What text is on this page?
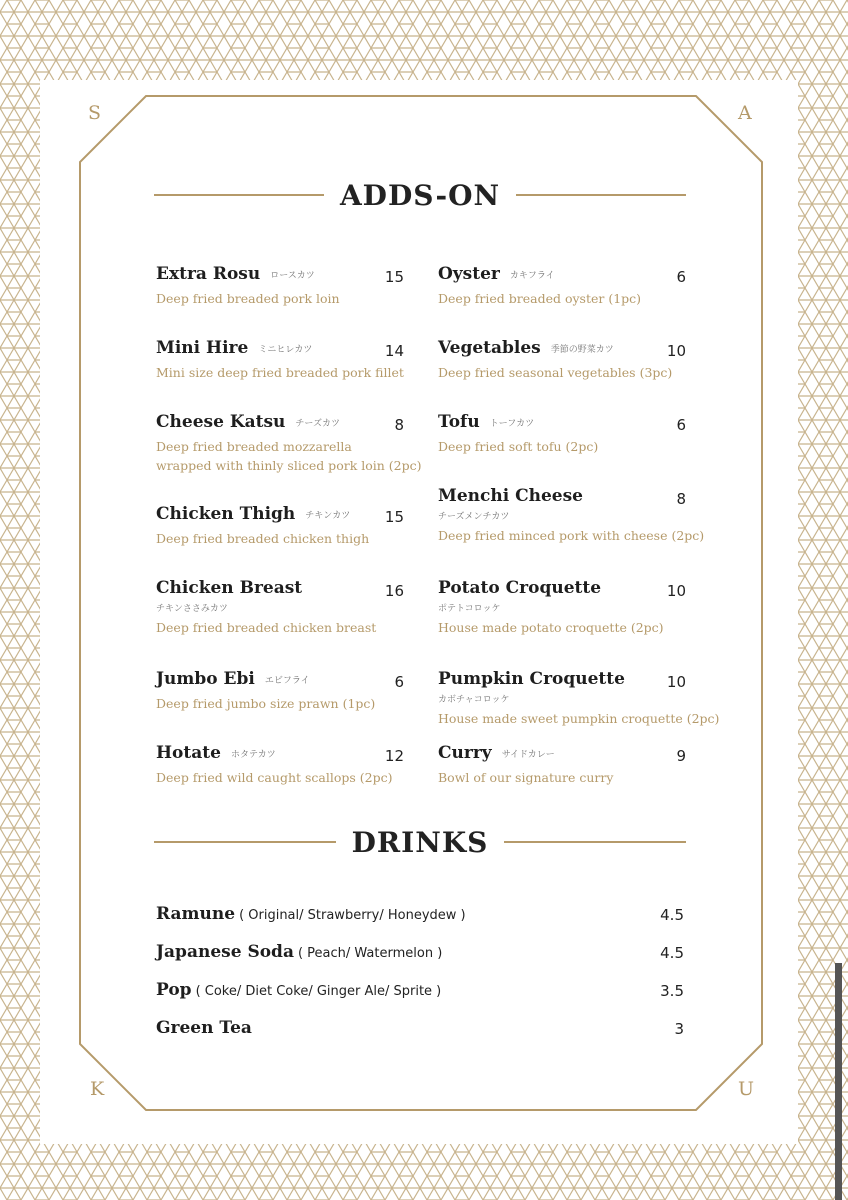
S	A
K	U
ADDS-ON
Extra Rosu ロースカツ	15
Deep fried breaded pork loin
Mini Hire ミニヒレカツ	14
Mini size deep fried breaded pork fillet
Cheese Katsu チーズカツ	8
Deep fried breaded mozzarella
wrapped with thinly sliced pork loin (2pc)
Chicken Thigh チキンカツ 15
Deep fried breaded chicken thigh
Chicken Breast	16
チキンささみカツ
Deep fried breaded chicken breast
Jumbo Ebi エビフライ	6
Deep fried jumbo size prawn (1pc)
Hotate ホタテカツ	12
Deep fried wild caught scallops (2pc)
Oyster カキフライ	6
Deep fried breaded oyster (1pc)
Vegetables 季節の野菜カツ	10
Deep fried seasonal vegetables (3pc)
Tofu トーフカツ	6
Deep fried soft tofu (2pc)
Menchi Cheese	8
チーズメンチカツ
Deep fried minced pork with cheese (2pc)
Potato Croquette	10
ポテトコロッケ
House made potato croquette (2pc)
Pumpkin Croquette	10
カボチャコロッケ
House made sweet pumpkin croquette (2pc)
Curry サイドカレー	9
Bowl of our signature curry
DRINKS
Ramune ( Original/ Strawberry/ Honeydew )	4.5
Japanese Soda ( Peach/ Watermelon )	4.5
Pop ( Coke/ Diet Coke/ Ginger Ale/ Sprite )	3.5
Green Tea	3
